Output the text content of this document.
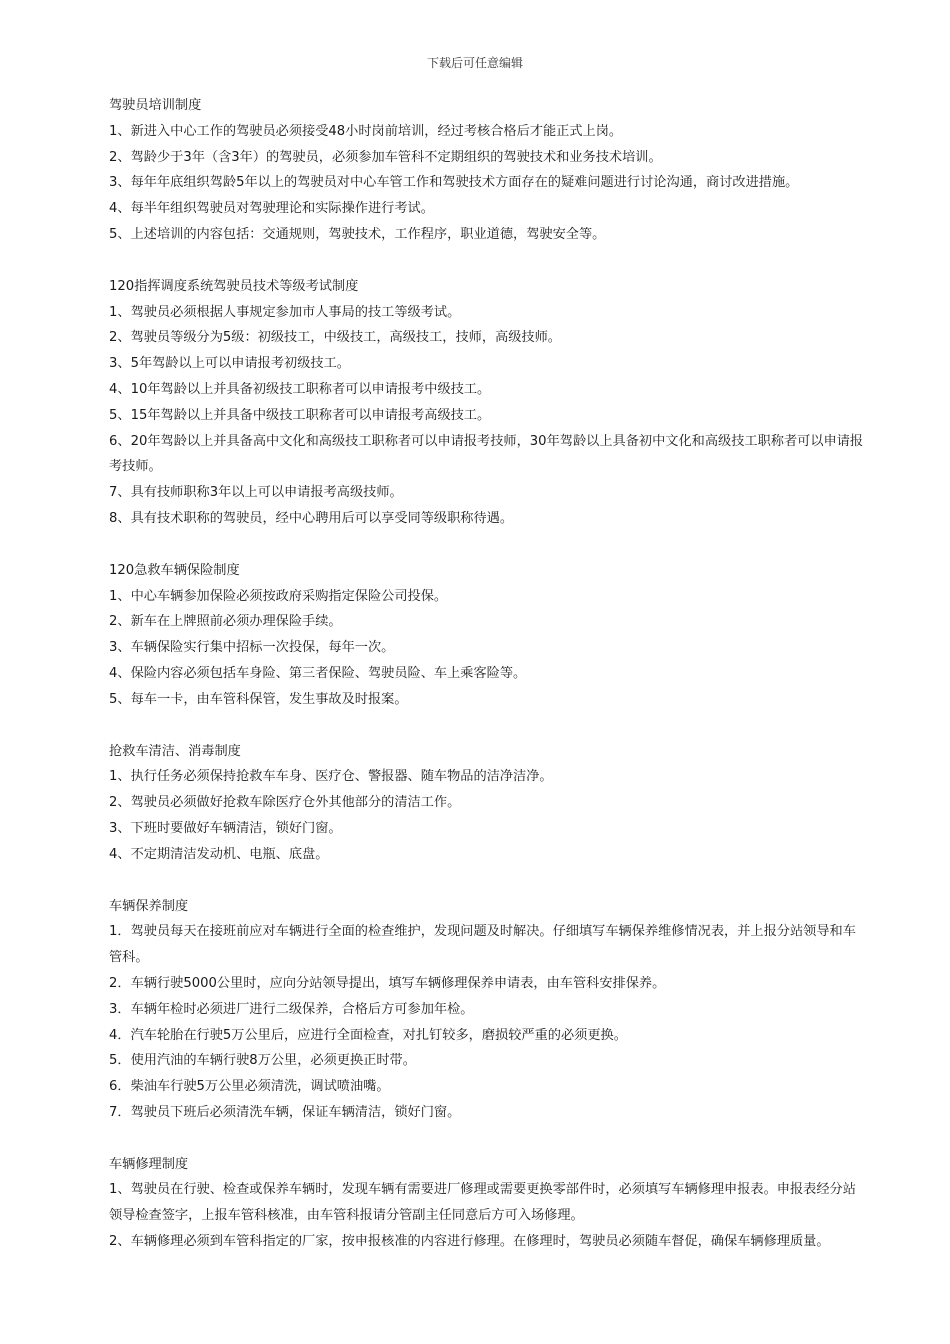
下载后可任意编辑

驾驶员培训制度

1、新进入中心工作的驾驶员必须接受48小时岗前培训，经过考核合格后才能正式上岗。

2、驾龄少于3年（含3年）的驾驶员，必须参加车管科不定期组织的驾驶技术和业务技术培训。

3、每年年底组织驾龄5年以上的驾驶员对中心车管工作和驾驶技术方面存在的疑难问题进行讨论沟通，商讨改进措施。

4、每半年组织驾驶员对驾驶理论和实际操作进行考试。

5、上述培训的内容包括：交通规则，驾驶技术，工作程序，职业道德，驾驶安全等。

120指挥调度系统驾驶员技术等级考试制度

1、驾驶员必须根据人事规定参加市人事局的技工等级考试。

2、驾驶员等级分为5级：初级技工，中级技工，高级技工，技师，高级技师。

3、5年驾龄以上可以申请报考初级技工。

4、10年驾龄以上并具备初级技工职称者可以申请报考中级技工。

5、15年驾龄以上并具备中级技工职称者可以申请报考高级技工。

6、20年驾龄以上并具备高中文化和高级技工职称者可以申请报考技师，30年驾龄以上具备初中文化和高级技工职称者可以申请报考技师。

7、具有技师职称3年以上可以申请报考高级技师。

8、具有技术职称的驾驶员，经中心聘用后可以享受同等级职称待遇。

120急救车辆保险制度

1、中心车辆参加保险必须按政府采购指定保险公司投保。

2、新车在上牌照前必须办理保险手续。

3、车辆保险实行集中招标一次投保，每年一次。

4、保险内容必须包括车身险、第三者保险、驾驶员险、车上乘客险等。

5、每车一卡，由车管科保管，发生事故及时报案。

抢救车清洁、消毒制度

1、执行任务必须保持抢救车车身、医疗仓、警报器、随车物品的洁净洁净。

2、驾驶员必须做好抢救车除医疗仓外其他部分的清洁工作。

3、下班时要做好车辆清洁，锁好门窗。

4、不定期清洁发动机、电瓶、底盘。

车辆保养制度

1．驾驶员每天在接班前应对车辆进行全面的检查维护，发现问题及时解决。仔细填写车辆保养维修情况表，并上报分站领导和车管科。

2．车辆行驶5000公里时，应向分站领导提出，填写车辆修理保养申请表，由车管科安排保养。

3．车辆年检时必须进厂进行二级保养，合格后方可参加年检。

4．汽车轮胎在行驶5万公里后，应进行全面检查，对扎钉较多，磨损较严重的必须更换。

5．使用汽油的车辆行驶8万公里，必须更换正时带。

6．柴油车行驶5万公里必须清洗，调试喷油嘴。

7．驾驶员下班后必须清洗车辆，保证车辆清洁，锁好门窗。

车辆修理制度

1、驾驶员在行驶、检查或保养车辆时，发现车辆有需要进厂修理或需要更换零部件时，必须填写车辆修理申报表。申报表经分站领导检查签字，上报车管科核准，由车管科报请分管副主任同意后方可入场修理。

2、车辆修理必须到车管科指定的厂家，按申报核准的内容进行修理。在修理时，驾驶员必须随车督促，确保车辆修理质量。
